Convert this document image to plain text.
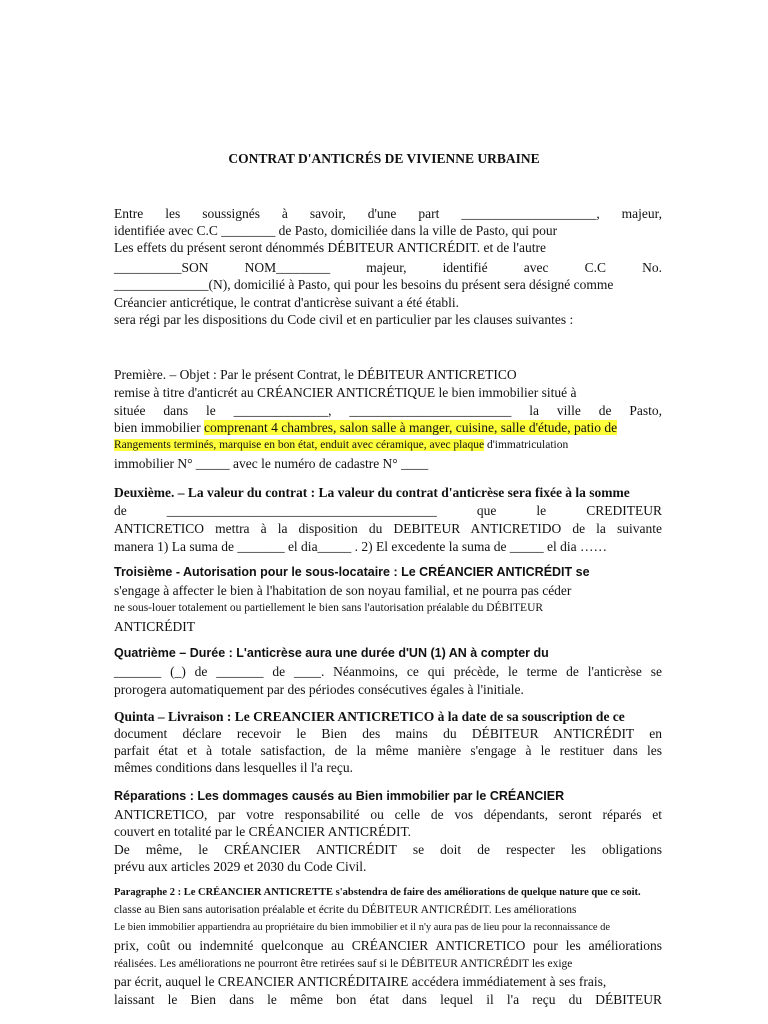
CONTRAT D'ANTICRÉS DE VIVIENNE URBAINE
Entre les soussignés à savoir, d'une part ____________________, majeur,
identifiée avec C.C ________ de Pasto, domiciliée dans la ville de Pasto, qui pour
Les effets du présent seront dénommés DÉBITEUR ANTICRÉDIT. et de l'autre
__________SON NOM________ majeur, identifié avec C.C No.
______________(N), domicilié à Pasto, qui pour les besoins du présent sera désigné comme
Créancier anticrétique, le contrat d'anticrèse suivant a été établi.
sera régi par les dispositions du Code civil et en particulier par les clauses suivantes :
Première. – Objet : Par le présent Contrat, le DÉBITEUR ANTICRETICO
remise à titre d'anticrét au CRÉANCIER ANTICRÉTIQUE le bien immobilier situé à
située dans le ______________, ________________________ la ville de Pasto,
bien immobilier comprenant 4 chambres, salon salle à manger, cuisine, salle d'étude, patio de
Rangements terminés, marquise en bon état, enduit avec céramique, avec plaque d'immatriculation
immobilier N° _____ avec le numéro de cadastre N° ____
Deuxième. – La valeur du contrat : La valeur du contrat d'anticrèse sera fixée à la somme
de ________________________________________ que le CREDITEUR
ANTICRETICO mettra à la disposition du DEBITEUR ANTICRETIDO de la suivante
manera 1) La suma de _______ el dia_____ . 2) El excedente la suma de _____ el dia ……
Troisième - Autorisation pour le sous-locataire : Le CRÉANCIER ANTICRÉDIT se
s'engage à affecter le bien à l'habitation de son noyau familial, et ne pourra pas céder
ne sous-louer totalement ou partiellement le bien sans l'autorisation préalable du DÉBITEUR
ANTICRÉDIT
Quatrième – Durée : L'anticrèse aura une durée d'UN (1) AN à compter du
_______ (_) de _______ de ____. Néanmoins, ce qui précède, le terme de l'anticrèse se
prorogera automatiquement par des périodes consécutives égales à l'initiale.
Quinta – Livraison : Le CREANCIER ANTICRETICO à la date de sa souscription de ce
document déclare recevoir le Bien des mains du DÉBITEUR ANTICRÉDIT en
parfait état et à totale satisfaction, de la même manière s'engage à le restituer dans les
mêmes conditions dans lesquelles il l'a reçu.
Réparations : Les dommages causés au Bien immobilier par le CRÉANCIER
ANTICRETICO, par votre responsabilité ou celle de vos dépendants, seront réparés et
couvert en totalité par le CRÉANCIER ANTICRÉDIT.
De même, le CRÉANCIER ANTICRÉDIT se doit de respecter les obligations
prévu aux articles 2029 et 2030 du Code Civil.
Paragraphe 2 : Le CRÉANCIER ANTICRETTE s'abstendra de faire des améliorations de quelque nature que ce soit.
classe au Bien sans autorisation préalable et écrite du DÉBITEUR ANTICRÉDIT. Les améliorations
Le bien immobilier appartiendra au propriétaire du bien immobilier et il n'y aura pas de lieu pour la reconnaissance de
prix, coût ou indemnité quelconque au CRÉANCIER ANTICRETICO pour les améliorations
réalisées. Les améliorations ne pourront être retirées sauf si le DÉBITEUR ANTICRÉDIT les exige
par écrit, auquel le CREANCIER ANTICRÉDITAIRE accédera immédiatement à ses frais,
laissant le Bien dans le même bon état dans lequel il l'a reçu du DÉBITEUR
